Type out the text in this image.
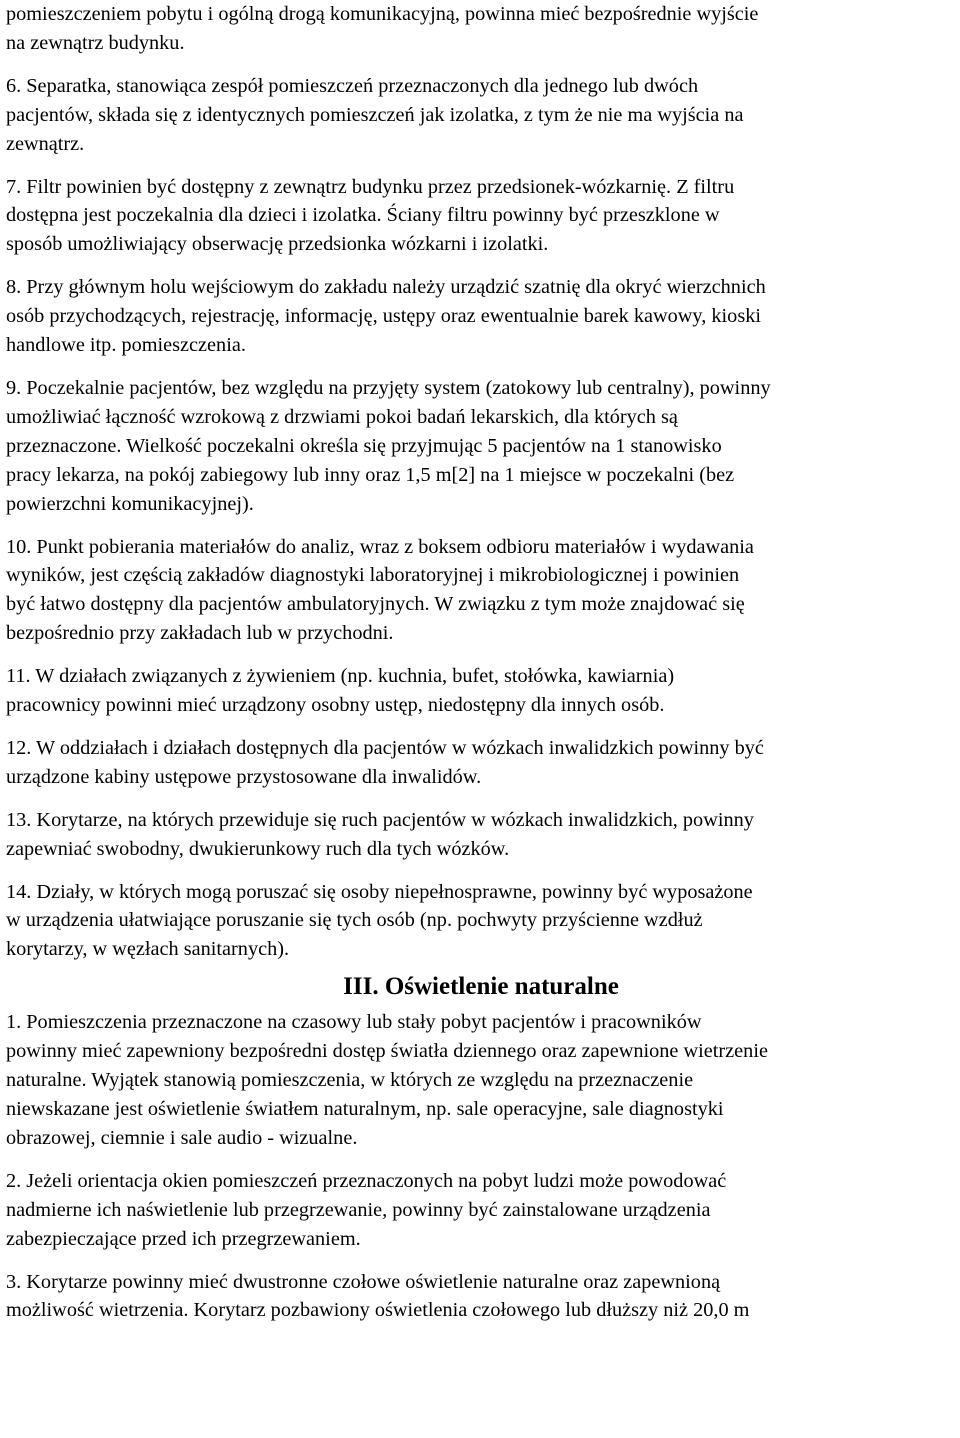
pomieszczeniem pobytu i ogólną drogą komunikacyjną, powinna mieć bezpośrednie wyjście
na zewnątrz budynku.

6. Separatka, stanowiąca zespół pomieszczeń przeznaczonych dla jednego lub dwóch
pacjentów, składa się z identycznych pomieszczeń jak izolatka, z tym że nie ma wyjścia na
zewnątrz.

7. Filtr powinien być dostępny z zewnątrz budynku przez przedsionek-wózkarnię. Z filtru
dostępna jest poczekalnia dla dzieci i izolatka. Ściany filtru powinny być przeszklone w
sposób umożliwiający obserwację przedsionka wózkarni i izolatki.

8. Przy głównym holu wejściowym do zakładu należy urządzić szatnię dla okryć wierzchnich
osób przychodzących, rejestrację, informację, ustępy oraz ewentualnie barek kawowy, kioski
handlowe itp. pomieszczenia.

9. Poczekalnie pacjentów, bez względu na przyjęty system (zatokowy lub centralny), powinny
umożliwiać łączność wzrokową z drzwiami pokoi badań lekarskich, dla których są
przeznaczone. Wielkość poczekalni określa się przyjmując 5 pacjentów na 1 stanowisko
pracy lekarza, na pokój zabiegowy lub inny oraz 1,5 m[2] na 1 miejsce w poczekalni (bez
powierzchni komunikacyjnej).

10. Punkt pobierania materiałów do analiz, wraz z boksem odbioru materiałów i wydawania
wyników, jest częścią zakładów diagnostyki laboratoryjnej i mikrobiologicznej i powinien
być łatwo dostępny dla pacjentów ambulatoryjnych. W związku z tym może znajdować się
bezpośrednio przy zakładach lub w przychodni.

11. W działach związanych z żywieniem (np. kuchnia, bufet, stołówka, kawiarnia)
pracownicy powinni mieć urządzony osobny ustęp, niedostępny dla innych osób.

12. W oddziałach i działach dostępnych dla pacjentów w wózkach inwalidzkich powinny być
urządzone kabiny ustępowe przystosowane dla inwalidów.

13. Korytarze, na których przewiduje się ruch pacjentów w wózkach inwalidzkich, powinny
zapewniać swobodny, dwukierunkowy ruch dla tych wózków.

14. Działy, w których mogą poruszać się osoby niepełnosprawne, powinny być wyposażone
w urządzenia ułatwiające poruszanie się tych osób (np. pochwyty przyścienne wzdłuż
korytarzy, w węzłach sanitarnych).

III. Oświetlenie naturalne

1. Pomieszczenia przeznaczone na czasowy lub stały pobyt pacjentów i pracowników
powinny mieć zapewniony bezpośredni dostęp światła dziennego oraz zapewnione wietrzenie
naturalne. Wyjątek stanowią pomieszczenia, w których ze względu na przeznaczenie
niewskazane jest oświetlenie światłem naturalnym, np. sale operacyjne, sale diagnostyki
obrazowej, ciemnie i sale audio - wizualne.

2. Jeżeli orientacja okien pomieszczeń przeznaczonych na pobyt ludzi może powodować
nadmierne ich naświetlenie lub przegrzewanie, powinny być zainstalowane urządzenia
zabezpieczające przed ich przegrzewaniem.

3. Korytarze powinny mieć dwustronne czołowe oświetlenie naturalne oraz zapewnioną
możliwość wietrzenia. Korytarz pozbawiony oświetlenia czołowego lub dłuższy niż 20,0 m
